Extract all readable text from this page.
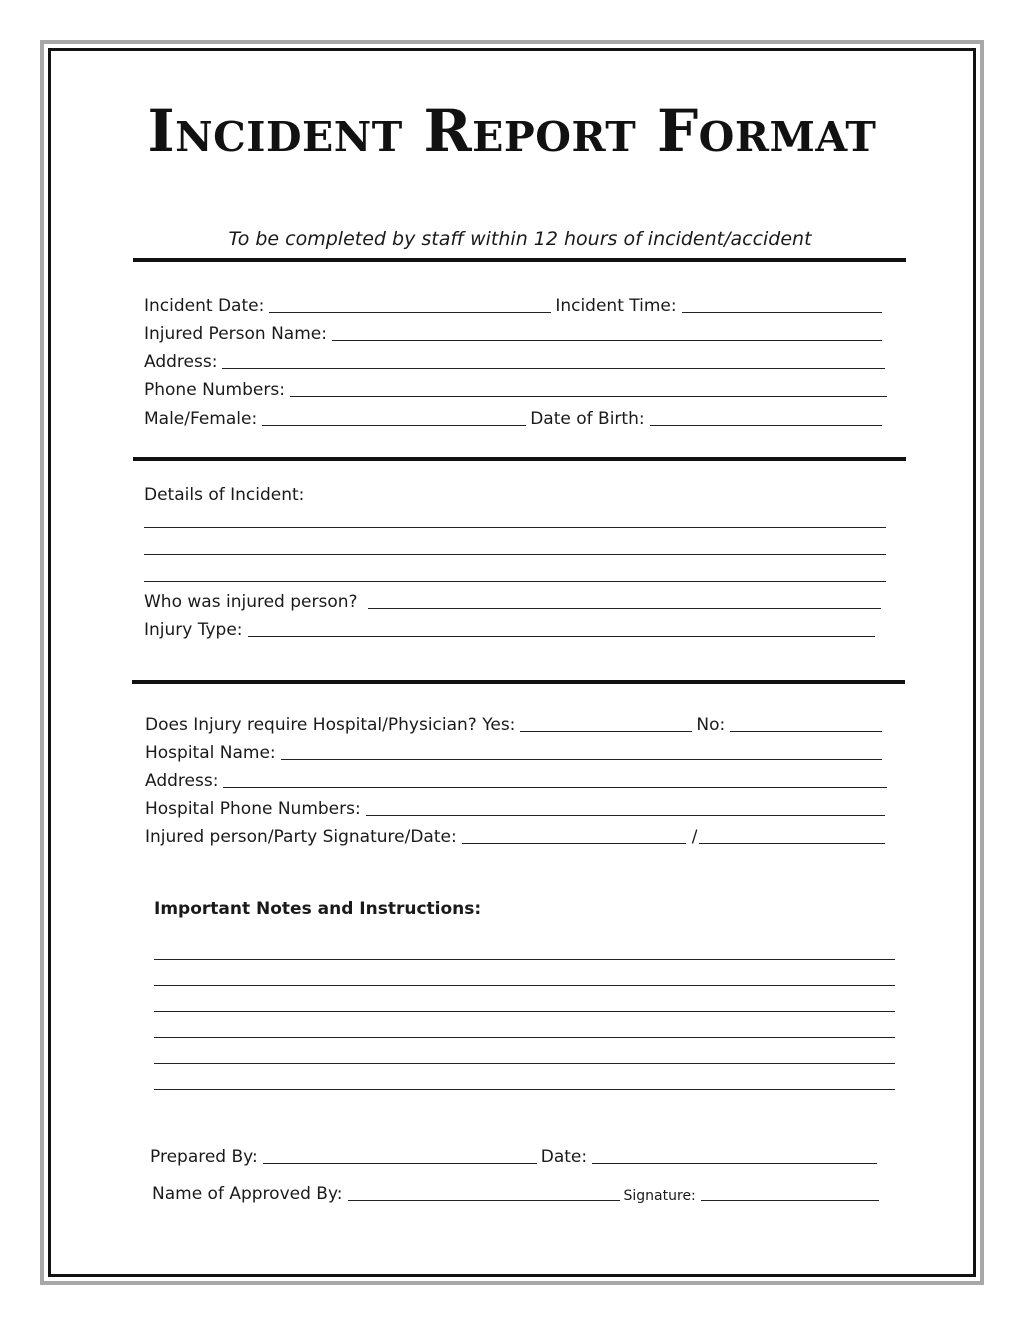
Incident Report Format

To be completed by staff within 12 hours of incident/accident

Incident Date:	Incident Time:
Injured Person Name:
Address:
Phone Numbers:
Male/Female:	Date of Birth:
Details of Incident:
Who was injured person?
Injury Type:
Does Injury require Hospital/Physician? Yes:	No:
Hospital Name:
Address:
Hospital Phone Numbers:
Injured person/Party Signature/Date:	/
Important Notes and Instructions:
Prepared By:	Date:
Name of Approved By:	Signature:
